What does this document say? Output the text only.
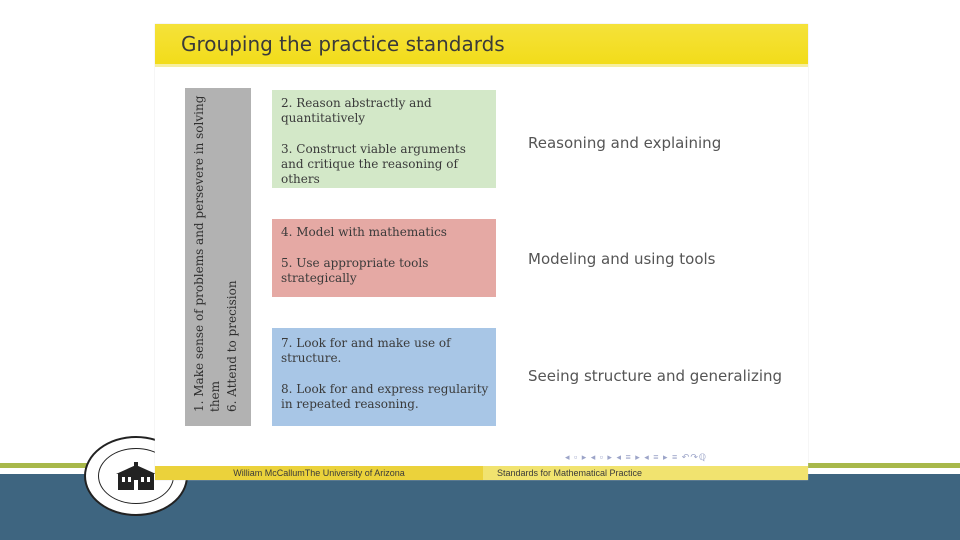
Grouping the practice standards
1. Make sense of problems and persevere in solving them 6. Attend to precision

2. Reason abstractly and quantitatively

3. Construct viable arguments and critique the reasoning of others

Reasoning and explaining

4. Model with mathematics

5. Use appropriate tools strategically

Modeling and using tools

7. Look for and make use of structure.

8. Look for and express regularity in repeated reasoning.

Seeing structure and generalizing
◂ ▫ ▸ ◂ ▫ ▸ ◂ ≡ ▸ ◂ ≡ ▸ ≡ ↶↷ℚ
William McCallumThe University of Arizona	Standards for Mathematical Practice
